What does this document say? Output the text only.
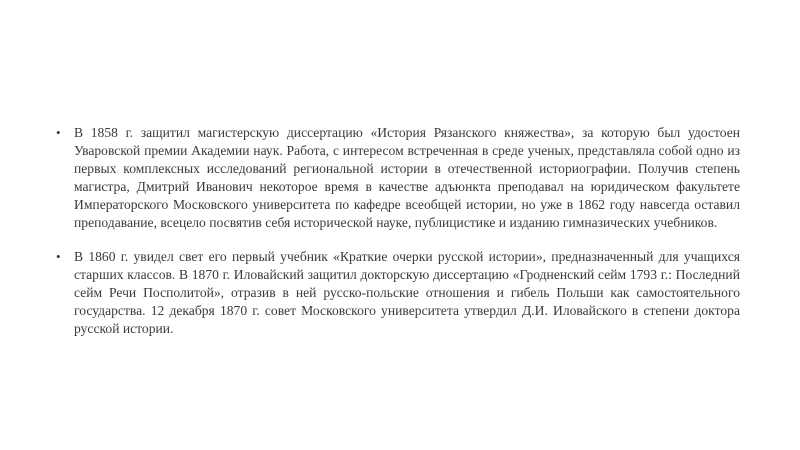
• В 1858 г. защитил магистерскую диссертацию «История Рязанского княжества», за которую был удостоен Уваровской премии Академии наук. Работа, с интересом встреченная в среде ученых, представляла собой одно из первых комплексных исследований региональной истории в отечественной историографии. Получив степень магистра, Дмитрий Иванович некоторое время в качестве адъюнкта преподавал на юридическом факультете Императорского Московского университета по кафедре всеобщей истории, но уже в 1862 году навсегда оставил преподавание, всецело посвятив себя исторической науке, публицистике и изданию гимназических учебников.
• В 1860 г. увидел свет его первый учебник «Краткие очерки русской истории», предназначенный для учащихся старших классов. В 1870 г. Иловайский защитил докторскую диссертацию «Гродненский сейм 1793 г.: Последний сейм Речи Посполитой», отразив в ней русско-польские отношения и гибель Польши как самостоятельного государства. 12 декабря 1870 г. совет Московского университета утвердил Д.И. Иловайского в степени доктора русской истории.
